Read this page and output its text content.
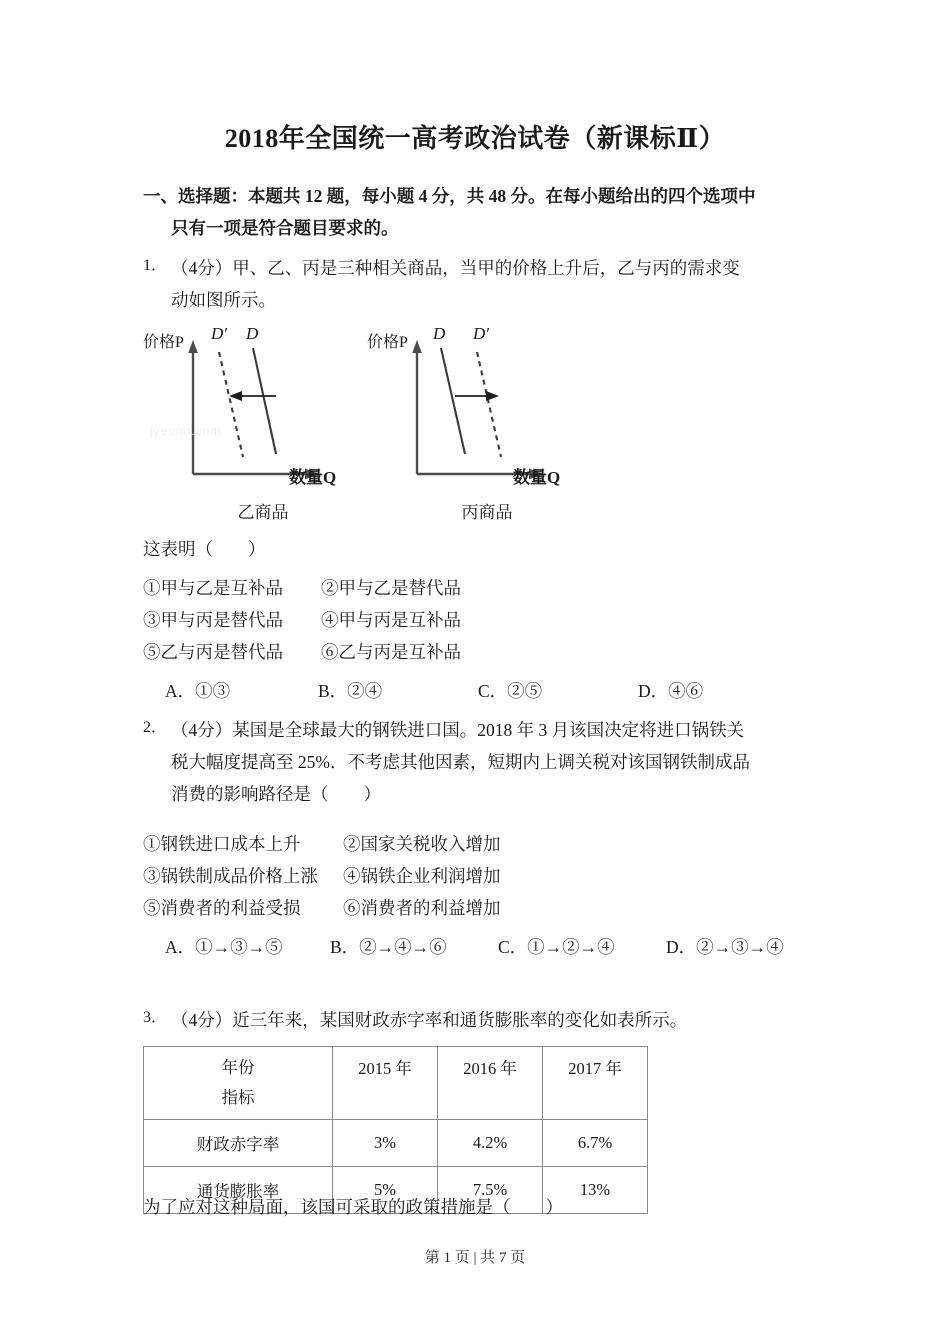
2018年全国统一高考政治试卷（新课标Ⅱ）
一、选择题：本题共 12 题，每小题 4 分，共 48 分。在每小题给出的四个选项中
只有一项是符合题目要求的。
1． （4分）甲、乙、丙是三种相关商品，当甲的价格上升后，乙与丙的需求变
动如图所示。
价格P
数量Q
D′ D
乙商品
价格P
数量Q
D D′
丙商品
jyeooo.com
这表明（　　）
①甲与乙是互补品 ②甲与乙是替代品
③甲与丙是替代品 ④甲与丙是互补品
⑤乙与丙是替代品 ⑥乙与丙是互补品
A．①③	B．②④	C．②⑤	D．④⑥
2． （4分）某国是全球最大的钢铁进口国。2018 年 3 月该国决定将进口锅铁关
税大幅度提高至 25%．不考虑其他因素，短期内上调关税对该国钢铁制成品
消费的影响路径是（　　）
①钢铁进口成本上升 ②国家关税收入增加
③锅铁制成品价格上涨 ④锅铁企业利润增加
⑤消费者的利益受损 ⑥消费者的利益增加
A．①→③→⑤	B．②→④→⑥	C．①→②→④	D．②→③→④
3． （4分）近三年来，某国财政赤字率和通货膨胀率的变化如表所示。
年份
指标	2015 年	2016 年	2017 年
财政赤字率	3%	4.2%	6.7%
通货膨胀率	5%	7.5%	13%
为了应对这种局面，该国可采取的政策措施是（　　）
第 1 页 | 共 7 页
